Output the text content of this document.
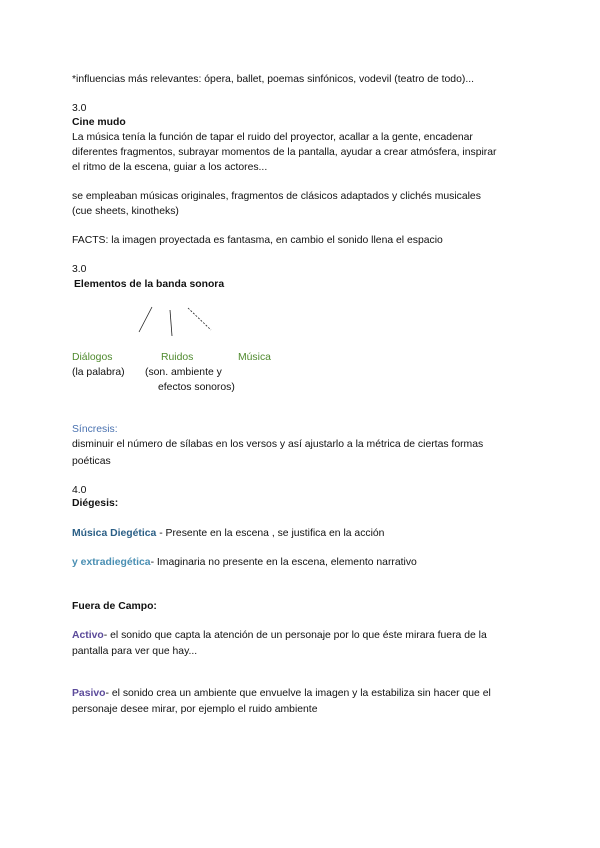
*influencias más relevantes: ópera, ballet, poemas sinfónicos, vodevil (teatro de todo)...
3.0
Cine mudo
La música tenía la función de tapar el ruido del proyector, acallar a la gente, encadenar
diferentes fragmentos, subrayar momentos de la pantalla, ayudar a crear atmósfera, inspirar
el ritmo de la escena, guiar a los actores...
se empleaban músicas originales, fragmentos de clásicos adaptados y clichés musicales
(cue sheets, kinotheks)
FACTS: la imagen proyectada es fantasma, en cambio el sonido llena el espacio
3.0
Elementos de la banda sonora
Diálogos	Ruidos	Música
(la palabra) (son. ambiente y
efectos sonoros)
Síncresis:
disminuir el número de sílabas en los versos y así ajustarlo a la métrica de ciertas formas
poéticas
4.0
Diégesis:
Música Diegética - Presente en la escena , se justifica en la acción
y extradiegética- Imaginaria no presente en la escena, elemento narrativo
Fuera de Campo:
Activo- el sonido que capta la atención de un personaje por lo que éste mirara fuera de la
pantalla para ver que hay...
Pasivo- el sonido crea un ambiente que envuelve la imagen y la estabiliza sin hacer que el
personaje desee mirar, por ejemplo el ruido ambiente
